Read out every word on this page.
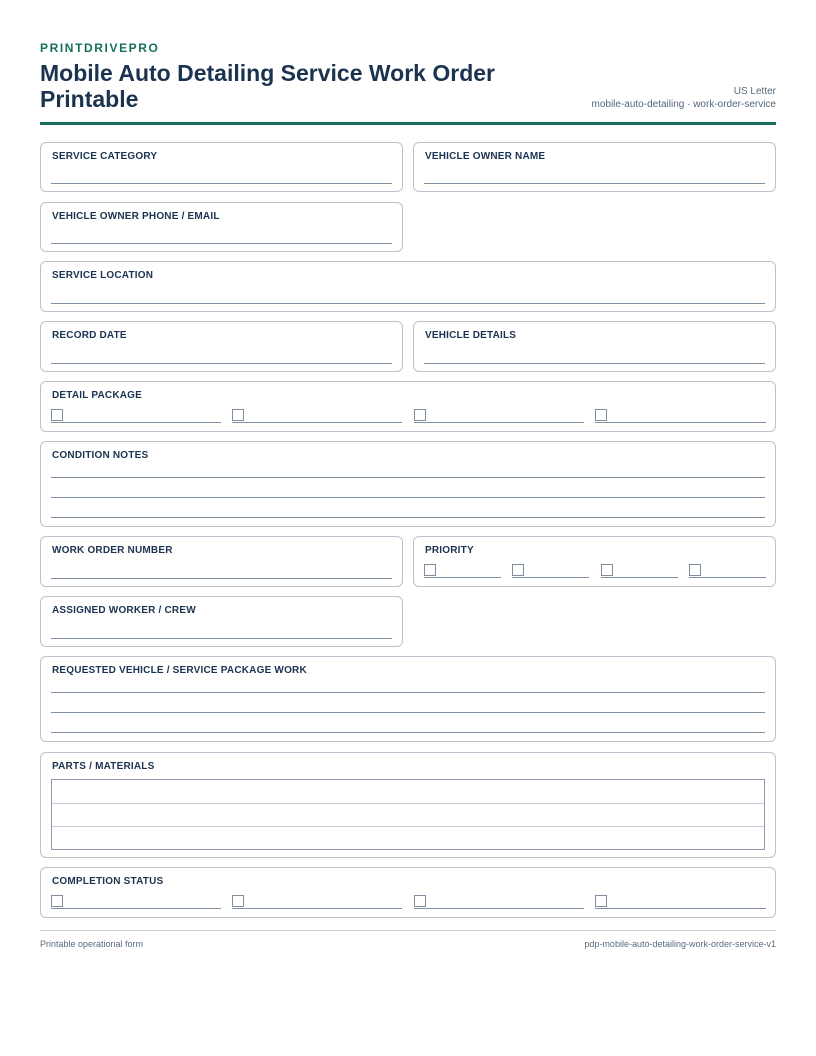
PRINTDRIVEPRO
Mobile Auto Detailing Service Work Order Printable	US Letter
mobile-auto-detailing · work-order-service
SERVICE CATEGORY	VEHICLE OWNER NAME
VEHICLE OWNER PHONE / EMAIL
SERVICE LOCATION
RECORD DATE	VEHICLE DETAILS
DETAIL PACKAGE
CONDITION NOTES
WORK ORDER NUMBER	PRIORITY
ASSIGNED WORKER / CREW
REQUESTED VEHICLE / SERVICE PACKAGE WORK
PARTS / MATERIALS
COMPLETION STATUS
Printable operational form	pdp-mobile-auto-detailing-work-order-service-v1
